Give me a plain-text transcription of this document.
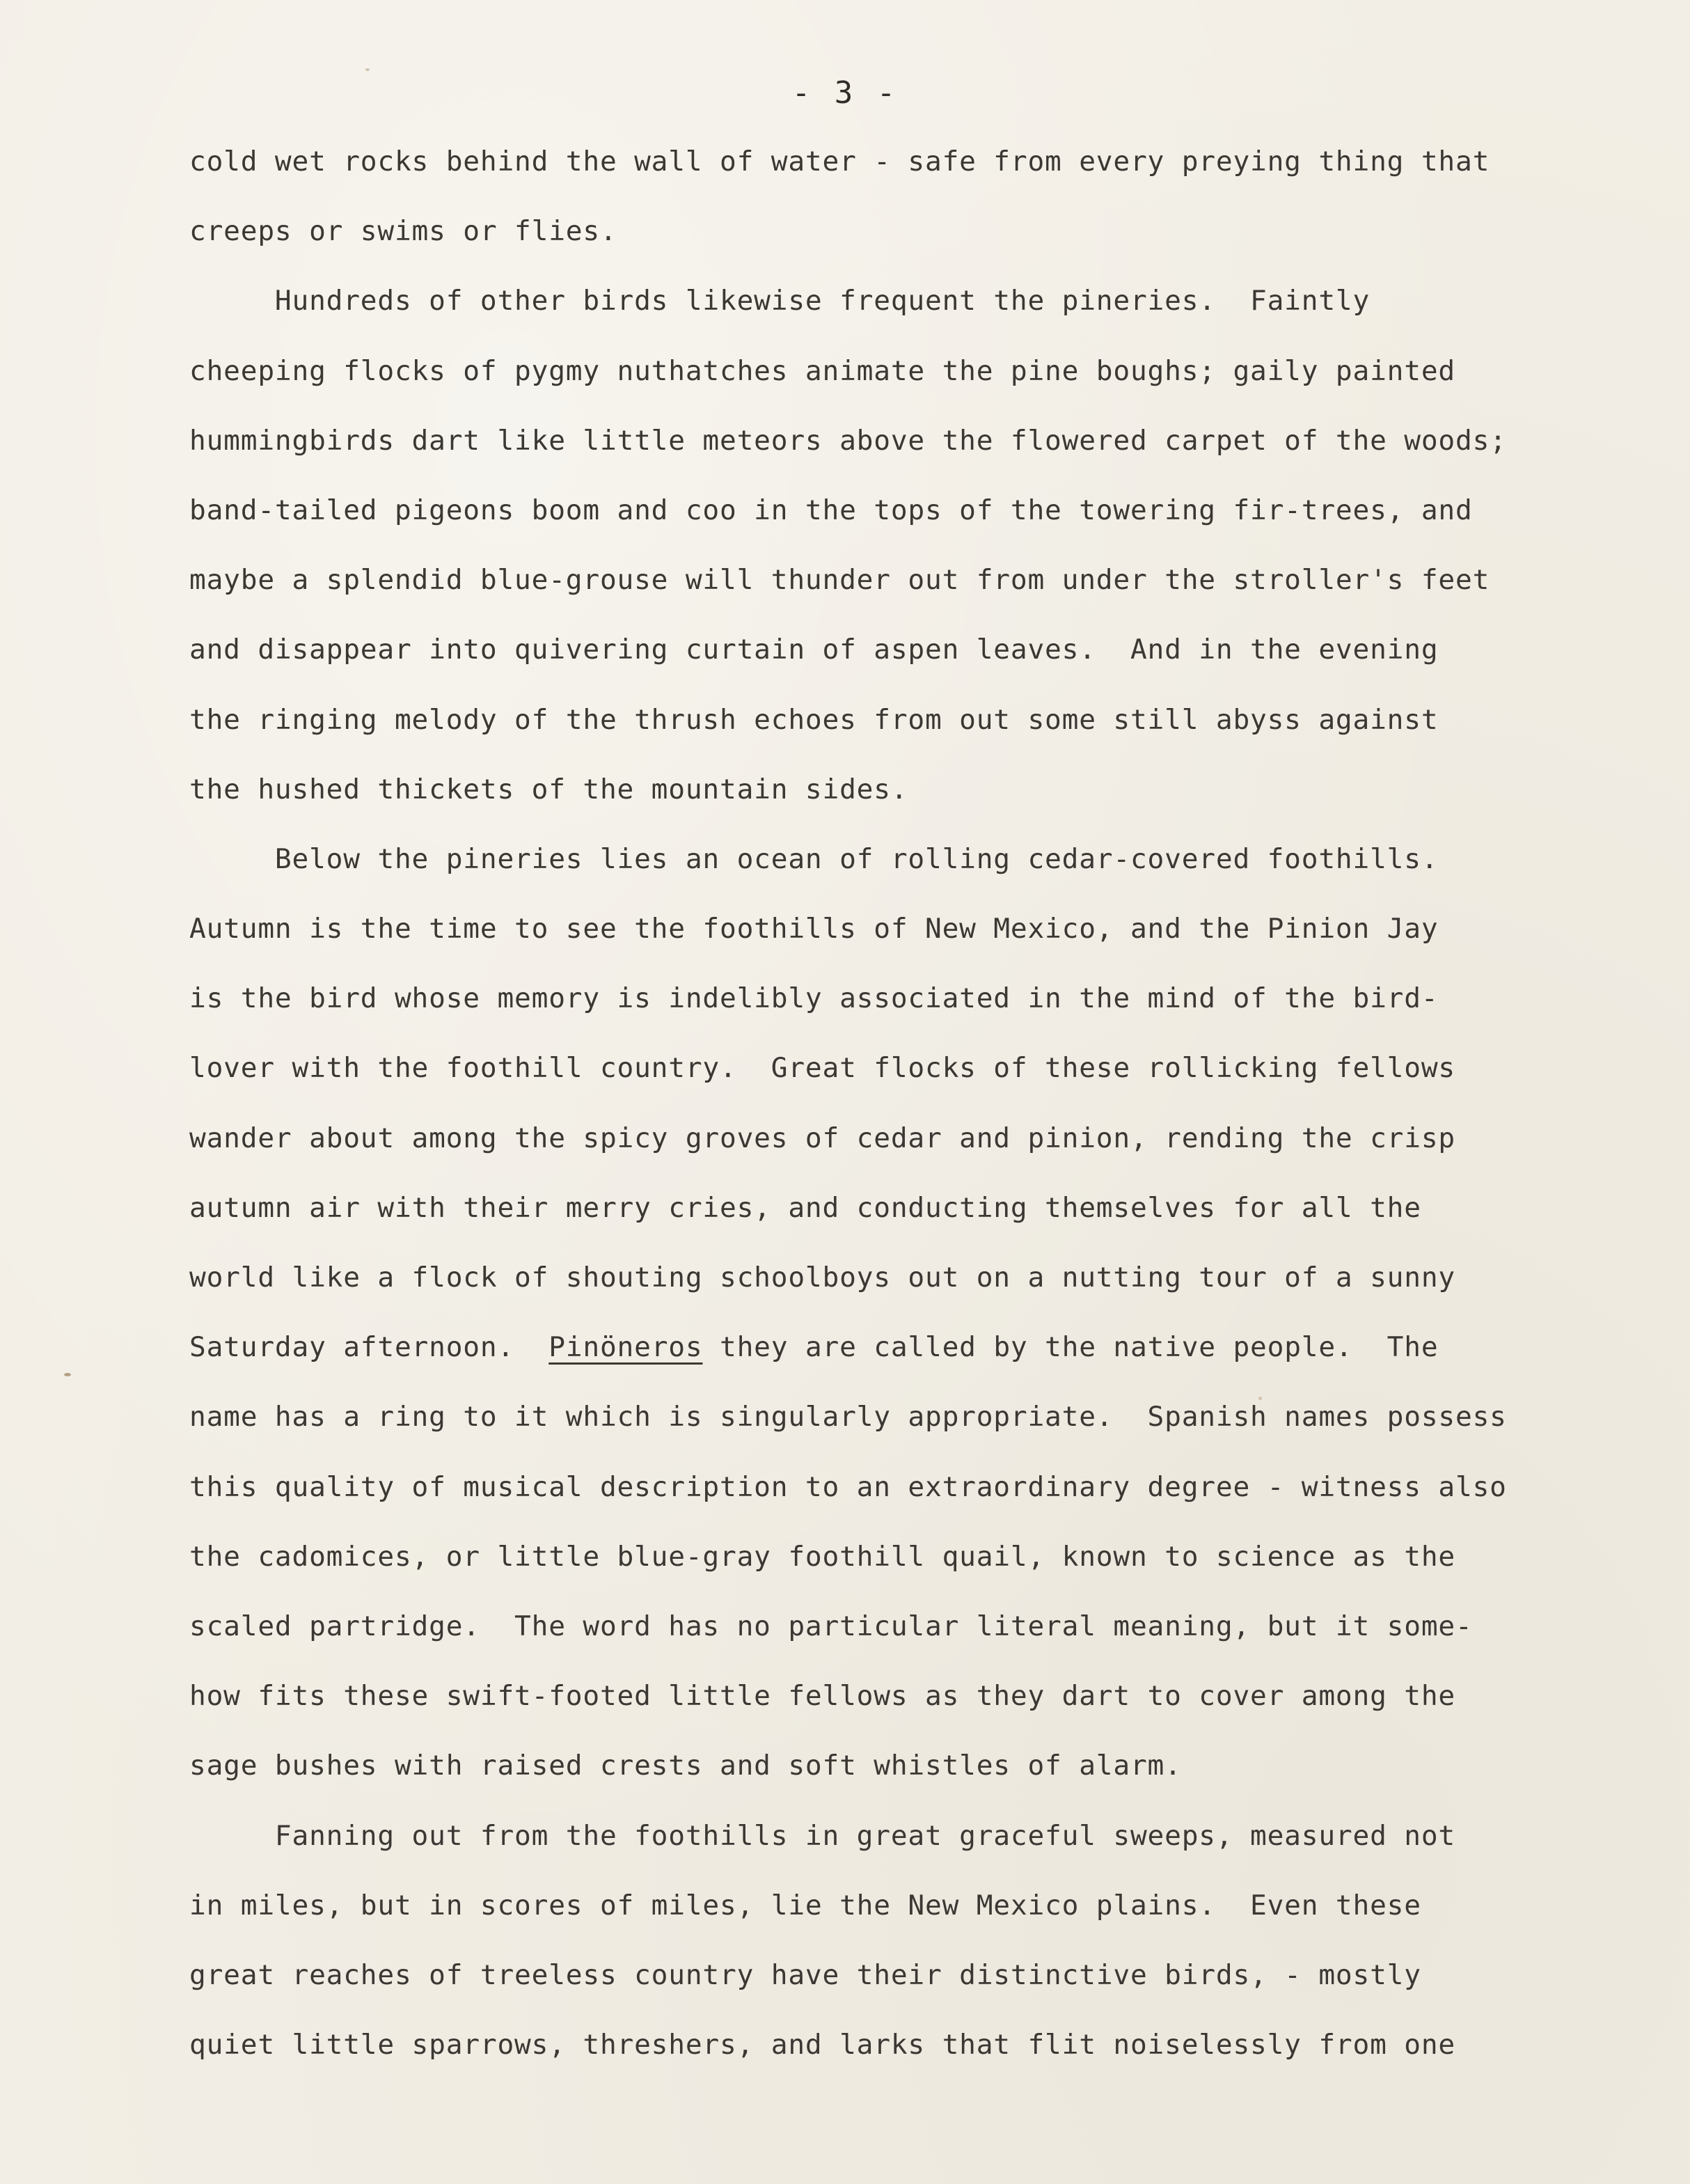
- 3 -
cold wet rocks behind the wall of water - safe from every preying thing that
creeps or swims or flies.
Hundreds of other birds likewise frequent the pineries.  Faintly
cheeping flocks of pygmy nuthatches animate the pine boughs; gaily painted
hummingbirds dart like little meteors above the flowered carpet of the woods;
band-tailed pigeons boom and coo in the tops of the towering fir-trees, and
maybe a splendid blue-grouse will thunder out from under the stroller's feet
and disappear into quivering curtain of aspen leaves.  And in the evening
the ringing melody of the thrush echoes from out some still abyss against
the hushed thickets of the mountain sides.
Below the pineries lies an ocean of rolling cedar-covered foothills.
Autumn is the time to see the foothills of New Mexico, and the Pinion Jay
is the bird whose memory is indelibly associated in the mind of the bird-
lover with the foothill country.  Great flocks of these rollicking fellows
wander about among the spicy groves of cedar and pinion, rending the crisp
autumn air with their merry cries, and conducting themselves for all the
world like a flock of shouting schoolboys out on a nutting tour of a sunny
Saturday afternoon.  Pinöneros they are called by the native people.  The
name has a ring to it which is singularly appropriate.  Spanish names possess
this quality of musical description to an extraordinary degree - witness also
the cadomices, or little blue-gray foothill quail, known to science as the
scaled partridge.  The word has no particular literal meaning, but it some-
how fits these swift-footed little fellows as they dart to cover among the
sage bushes with raised crests and soft whistles of alarm.
Fanning out from the foothills in great graceful sweeps, measured not
in miles, but in scores of miles, lie the New Mexico plains.  Even these
great reaches of treeless country have their distinctive birds, - mostly
quiet little sparrows, threshers, and larks that flit noiselessly from one
